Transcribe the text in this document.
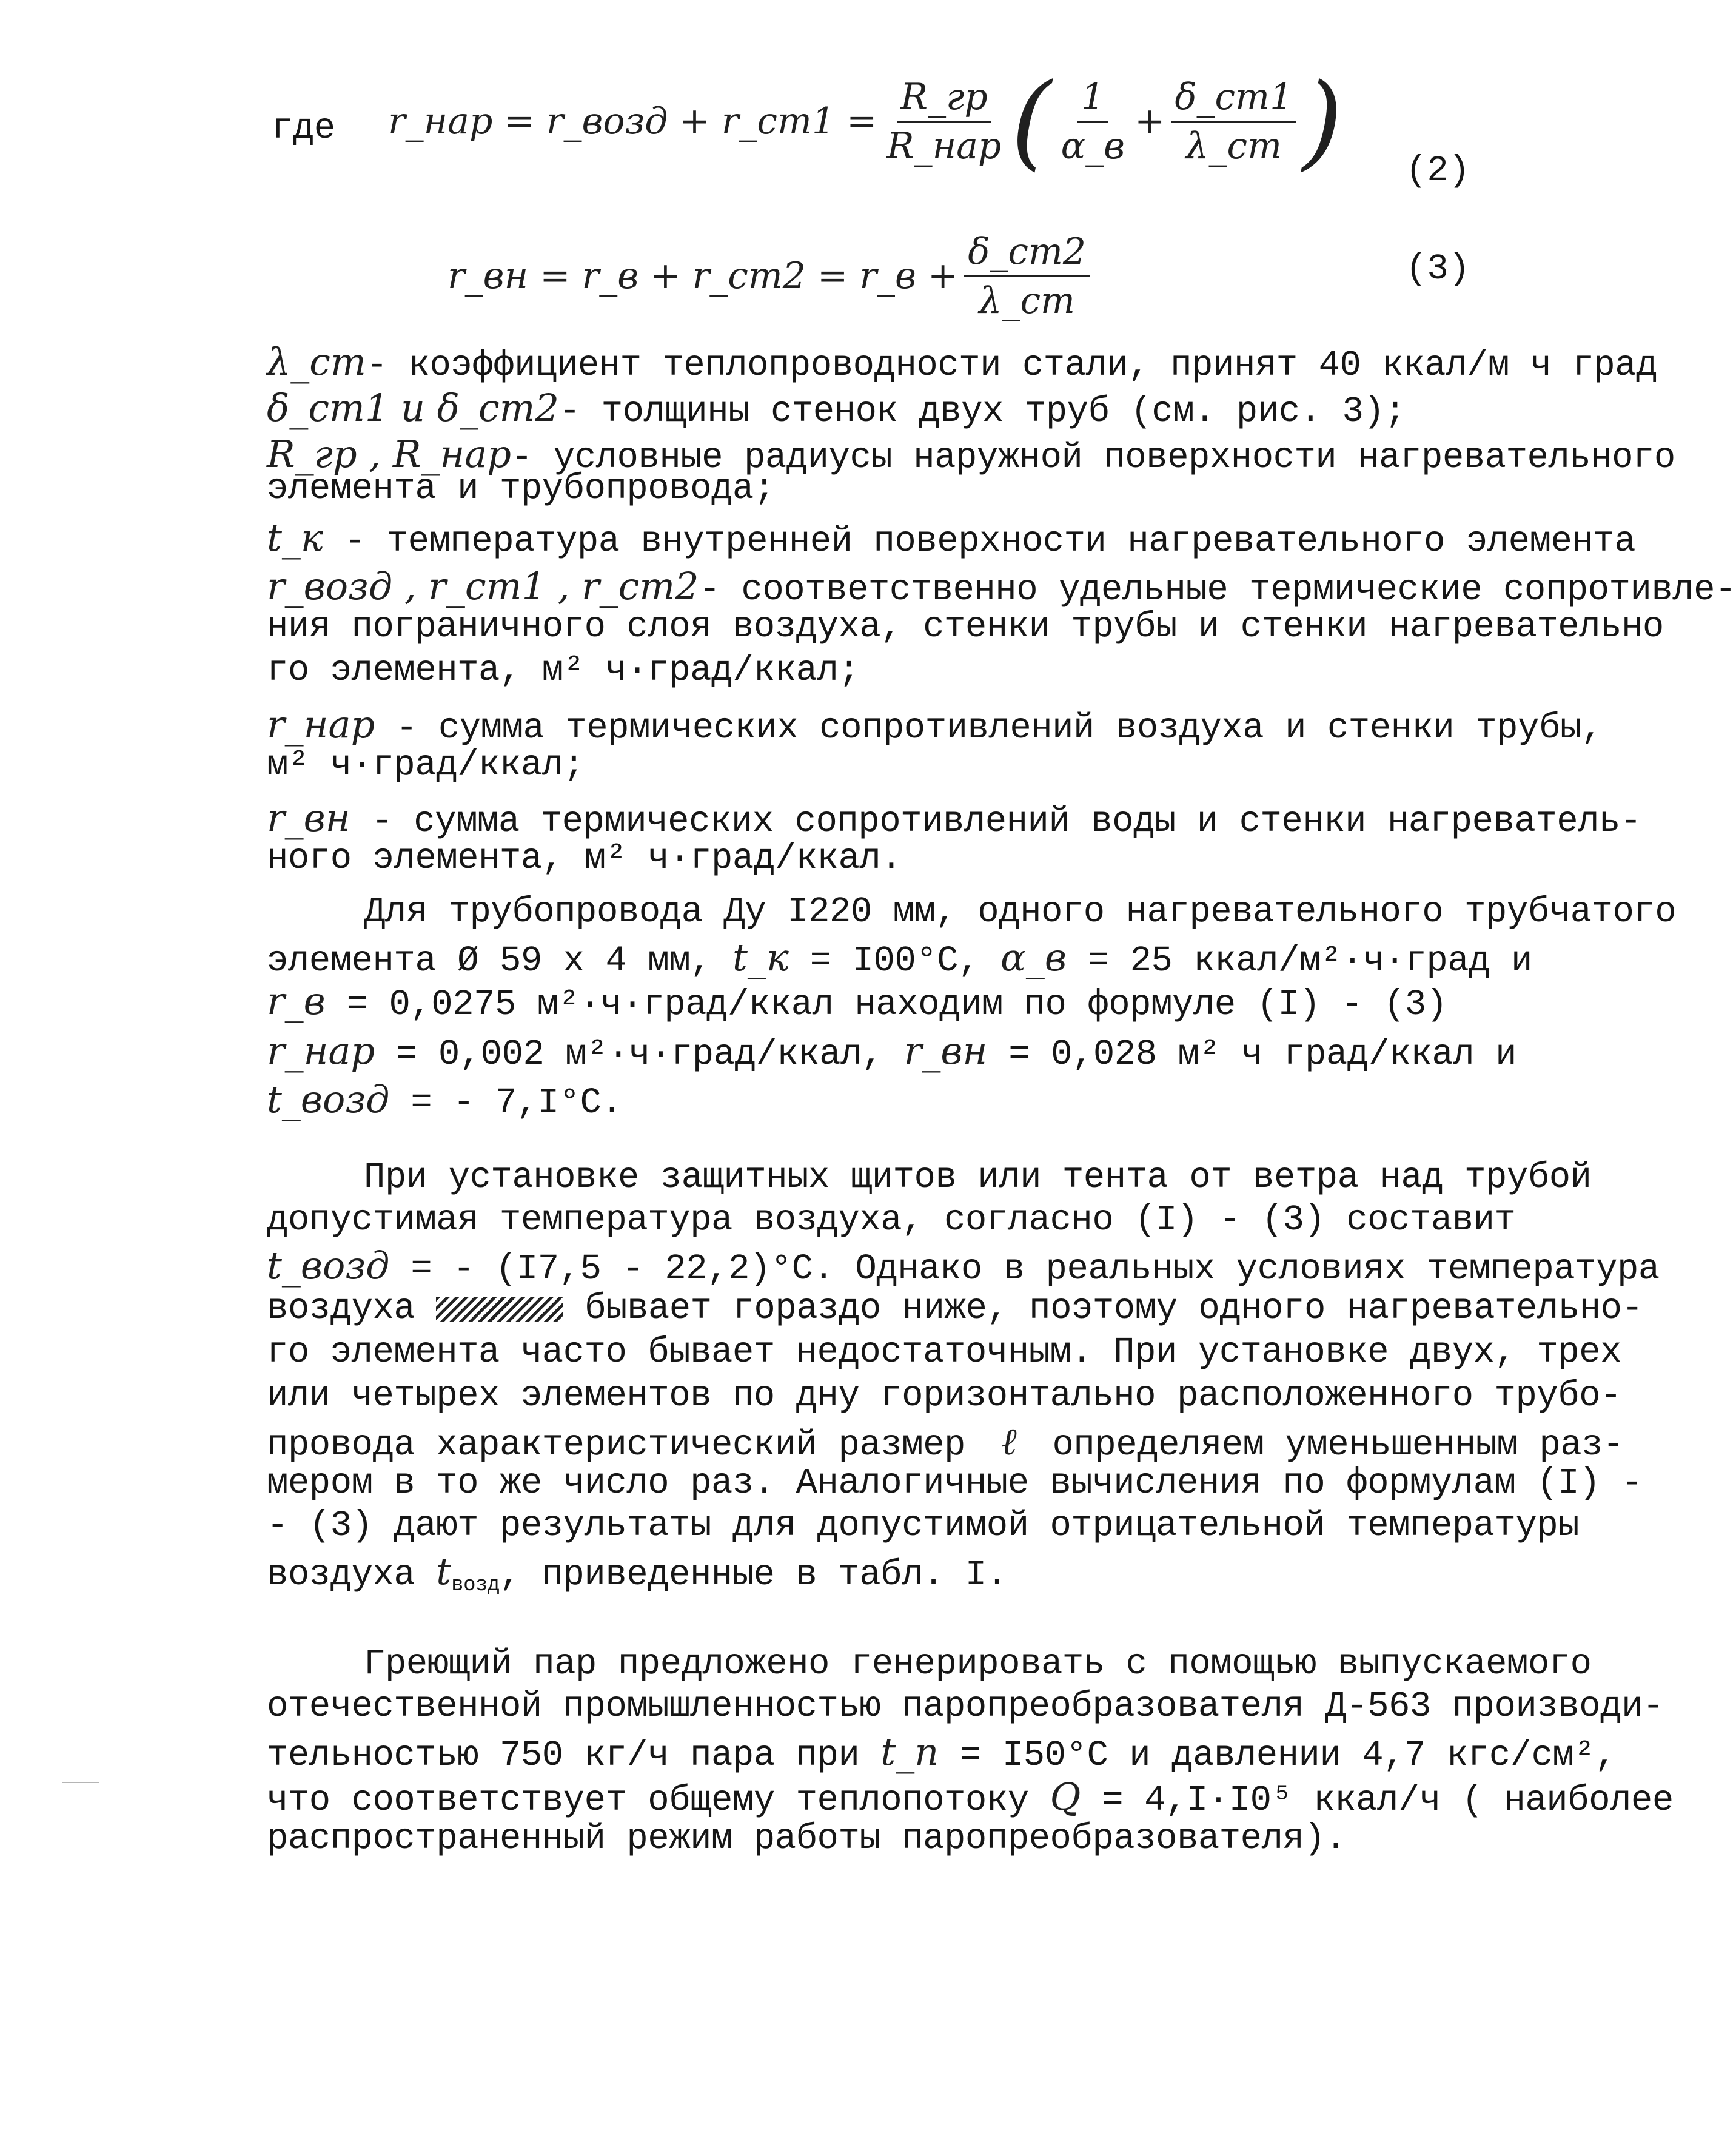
где r_нар = r_возд + r_ст1 = $\frac{R\_гр}{\text{R\_нар}}$ ( $\frac{1}{\alpha\_в} + \frac{\delta\_ст1}{\lambda\_ст}$ ) (2)
r_вн = r_в + r_ст2 = r_в + $\frac{\delta\_ст2}{\lambda\_ст}$	(3)
λ_ст- коэффициент теплопроводности стали, принят 40 ккал/м ч град
δ_ст1 и δ_ст2- толщины стенок двух труб (см. рис. 3);
R_гр , R_нар- условные радиусы наружной поверхности нагревательного
элемента и трубопровода;
t_к - температура внутренней поверхности нагревательного элемента
r_возд , r_ст1 , r_ст2- соответственно удельные термические сопротивле-
ния пограничного слоя воздуха, стенки трубы и стенки нагревательно
го элемента, м² ч·град/ккал;
r_нар - сумма термических сопротивлений воздуха и стенки трубы,
м² ч·град/ккал;
r_вн - сумма термических сопротивлений воды и стенки нагреватель-
ного элемента, м² ч·град/ккал.
Для трубопровода Ду I220 мм, одного нагревательного трубчатого
элемента Ø 59 х 4 мм, t_к = I00°С, α_в = 25 ккал/м²·ч·град и
r_в = 0,0275 м²·ч·град/ккал находим по формуле (I) - (3)
r_нар = 0,002 м²·ч·град/ккал, r_вн = 0,028 м² ч град/ккал и
t_возд = - 7,I°С.
При установке защитных щитов или тента от ветра над трубой
допустимая температура воздуха, согласно (I) - (3) составит
t_возд = - (I7,5 - 22,2)°С. Однако в реальных условиях температура
воздуха	бывает гораздо ниже, поэтому одного нагревательно-
го элемента часто бывает недостаточным. При установке двух, трех
или четырех элементов по дну горизонтально расположенного трубо-
провода характеристический размер ℓ определяем уменьшенным раз-
мером в то же число раз. Аналогичные вычисления по формулам (I) -
- (3) дают результаты для допустимой отрицательной температуры
воздуха $t_{возд}$, приведенные в табл. I.
Греющий пар предложено генерировать с помощью выпускаемого
отечественной промышленностью паропреобразователя Д-563 производи-
тельностью 750 кг/ч пара при t_п = I50°С и давлении 4,7 кгс/см²,
что соответствует общему теплопотоку Q = 4,I·I0⁵ ккал/ч ( наиболее
распространенный режим работы паропреобразователя).
